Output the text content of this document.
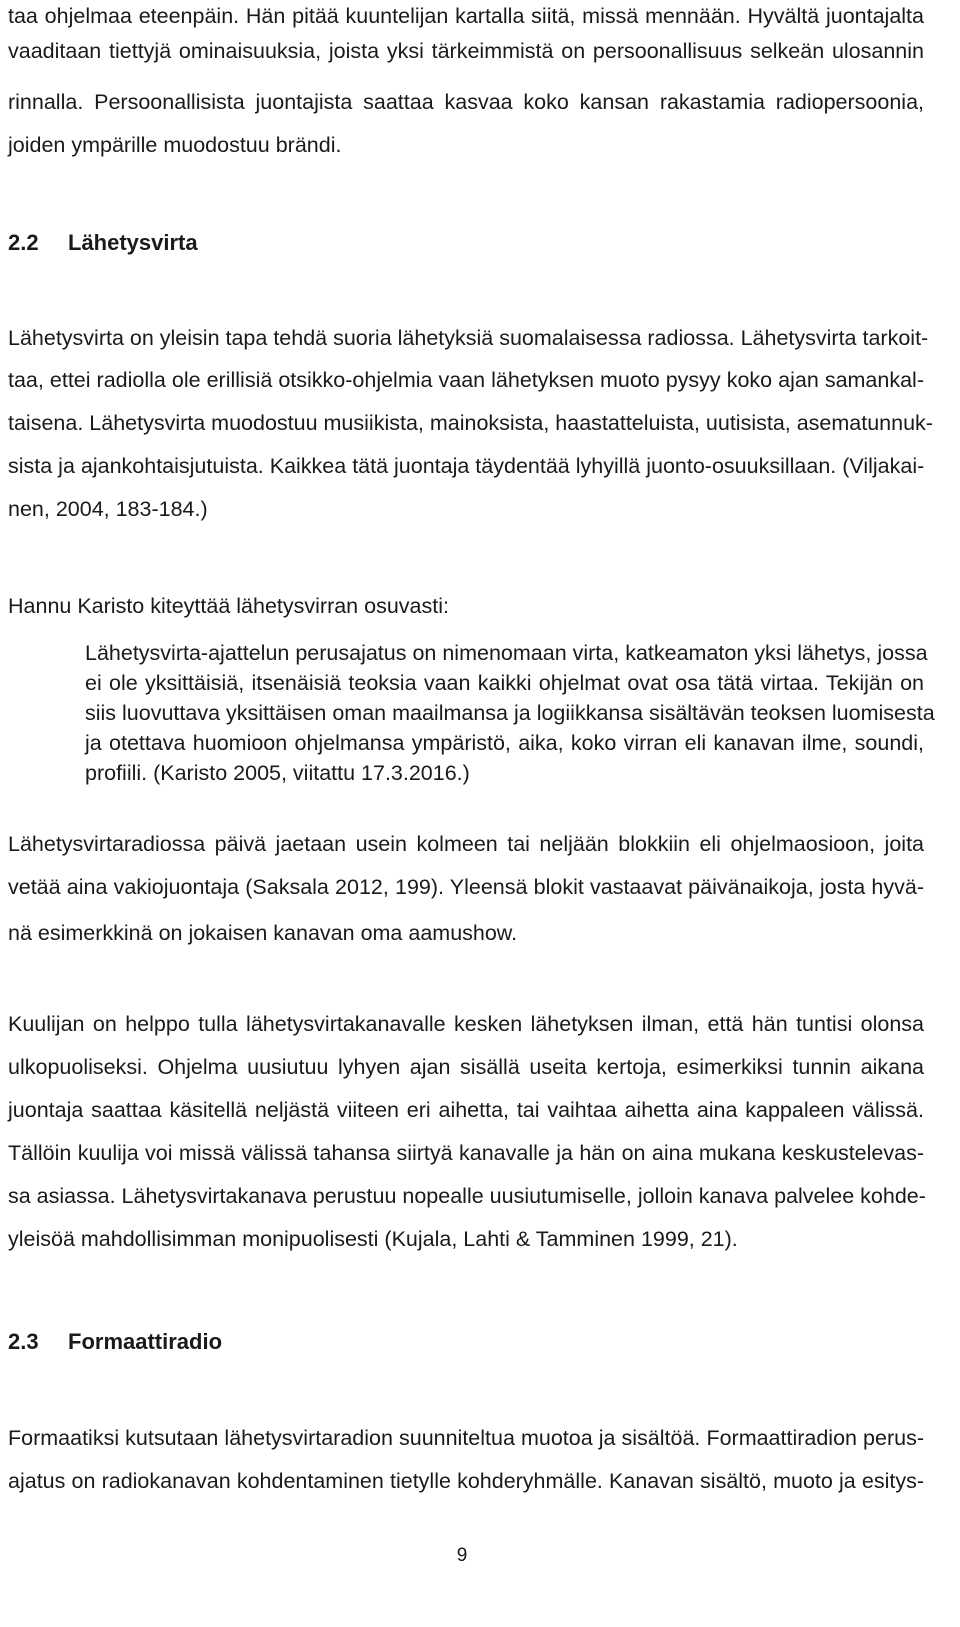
taa ohjelmaa eteenpäin. Hän pitää kuuntelijan kartalla siitä, missä mennään. Hyvältä juontajalta
vaaditaan tiettyjä ominaisuuksia, joista yksi tärkeimmistä on persoonallisuus selkeän ulosannin
rinnalla. Persoonallisista juontajista saattaa kasvaa koko kansan rakastamia radiopersoonia,
joiden ympärille muodostuu brändi.
2.2 Lähetysvirta
Lähetysvirta on yleisin tapa tehdä suoria lähetyksiä suomalaisessa radiossa. Lähetysvirta tarkoit-
taa, ettei radiolla ole erillisiä otsikko-ohjelmia vaan lähetyksen muoto pysyy koko ajan samankal-
taisena. Lähetysvirta muodostuu musiikista, mainoksista, haastatteluista, uutisista, asematunnuk-
sista ja ajankohtaisjutuista. Kaikkea tätä juontaja täydentää lyhyillä juonto-osuuksillaan. (Viljakai-
nen, 2004, 183-184.)
Hannu Karisto kiteyttää lähetysvirran osuvasti:
Lähetysvirta-ajattelun perusajatus on nimenomaan virta, katkeamaton yksi lähetys, jossa
ei ole yksittäisiä, itsenäisiä teoksia vaan kaikki ohjelmat ovat osa tätä virtaa. Tekijän on
siis luovuttava yksittäisen oman maailmansa ja logiikkansa sisältävän teoksen luomisesta
ja otettava huomioon ohjelmansa ympäristö, aika, koko virran eli kanavan ilme, soundi,
profiili. (Karisto 2005, viitattu 17.3.2016.)
Lähetysvirtaradiossa päivä jaetaan usein kolmeen tai neljään blokkiin eli ohjelmaosioon, joita
vetää aina vakiojuontaja (Saksala 2012, 199). Yleensä blokit vastaavat päivänaikoja, josta hyvä-
nä esimerkkinä on jokaisen kanavan oma aamushow.
Kuulijan on helppo tulla lähetysvirtakanavalle kesken lähetyksen ilman, että hän tuntisi olonsa
ulkopuoliseksi. Ohjelma uusiutuu lyhyen ajan sisällä useita kertoja, esimerkiksi tunnin aikana
juontaja saattaa käsitellä neljästä viiteen eri aihetta, tai vaihtaa aihetta aina kappaleen välissä.
Tällöin kuulija voi missä välissä tahansa siirtyä kanavalle ja hän on aina mukana keskustelevas-
sa asiassa. Lähetysvirtakanava perustuu nopealle uusiutumiselle, jolloin kanava palvelee kohde-
yleisöä mahdollisimman monipuolisesti (Kujala, Lahti & Tamminen 1999, 21).
2.3 Formaattiradio
Formaatiksi kutsutaan lähetysvirtaradion suunniteltua muotoa ja sisältöä. Formaattiradion perus-
ajatus on radiokanavan kohdentaminen tietylle kohderyhmälle. Kanavan sisältö, muoto ja esitys-
9
